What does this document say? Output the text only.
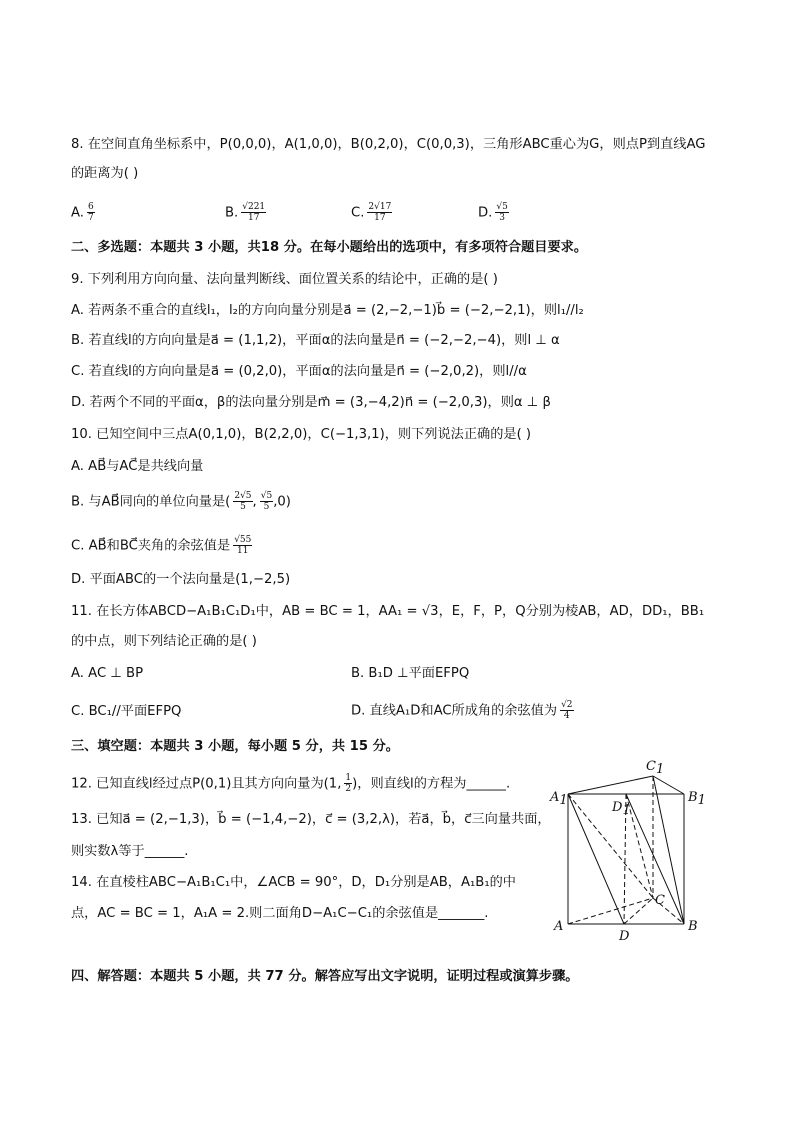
8. 在空间直角坐标系中，P(0,0,0)，A(1,0,0)，B(0,2,0)，C(0,0,3)，三角形ABC重心为G，则点P到直线AG
的距离为( )
A. $\frac{6}{7}$	B. $\frac{√221}{17}$	C. $\frac{2√17}{17}$	D. $\frac{√5}{3}$
二、多选题：本题共 3 小题，共18 分。在每小题给出的选项中，有多项符合题目要求。
9. 下列利用方向向量、法向量判断线、面位置关系的结论中，正确的是( )
A. 若两条不重合的直线l₁，l₂的方向向量分别是a⃗ = (2,−2,−1)b⃗ = (−2,−2,1)，则l₁//l₂
B. 若直线l的方向向量是a⃗ = (1,1,2)，平面α的法向量是n⃗ = (−2,−2,−4)，则l ⊥ α
C. 若直线l的方向向量是a⃗ = (0,2,0)，平面α的法向量是n⃗ = (−2,0,2)，则l//α
D. 若两个不同的平面α，β的法向量分别是m⃗ = (3,−4,2)n⃗ = (−2,0,3)，则α ⊥ β
10. 已知空间中三点A(0,1,0)，B(2,2,0)，C(−1,3,1)，则下列说法正确的是( )
A. AB⃗与AC⃗是共线向量
B. 与AB⃗同向的单位向量是( $\frac{2√5}{5}$ , $\frac{√5}{5} ,0$)
C. AB⃗和BC⃗夹角的余弦值是 $\frac{√55}{11}$
D. 平面ABC的一个法向量是(1,−2,5)
11. 在长方体ABCD−A₁B₁C₁D₁中，AB = BC = 1，AA₁ = √3，E，F，P，Q分别为棱AB，AD，DD₁，BB₁
的中点，则下列结论正确的是( )
A. AC ⊥ BP	B. B₁D ⊥平面EFPQ
C. BC₁//平面EFPQ	D. 直线A₁D和AC所成角的余弦值为 $\frac{√2}{4}$
三、填空题：本题共 3 小题，每小题 5 分，共 15 分。
12. 已知直线l经过点P(0,1)且其方向向量为(1, $\frac{1}{2}$ )，则直线l的方程为______.
13. 已知a⃗ = (2,−1,3)，b⃗ = (−1,4,−2)，c⃗ = (3,2,λ)，若a⃗，b⃗，c⃗三向量共面，
则实数λ等于______.
14. 在直棱柱ABC−A₁B₁C₁中，∠ACB = 90°，D，D₁分别是AB，A₁B₁的中
点，AC = BC = 1，A₁A = 2.则二面角D−A₁C−C₁的余弦值是_______.
A1
C1
D1
B1
A
C
D
B
四、解答题：本题共 5 小题，共 77 分。解答应写出文字说明，证明过程或演算步骤。
